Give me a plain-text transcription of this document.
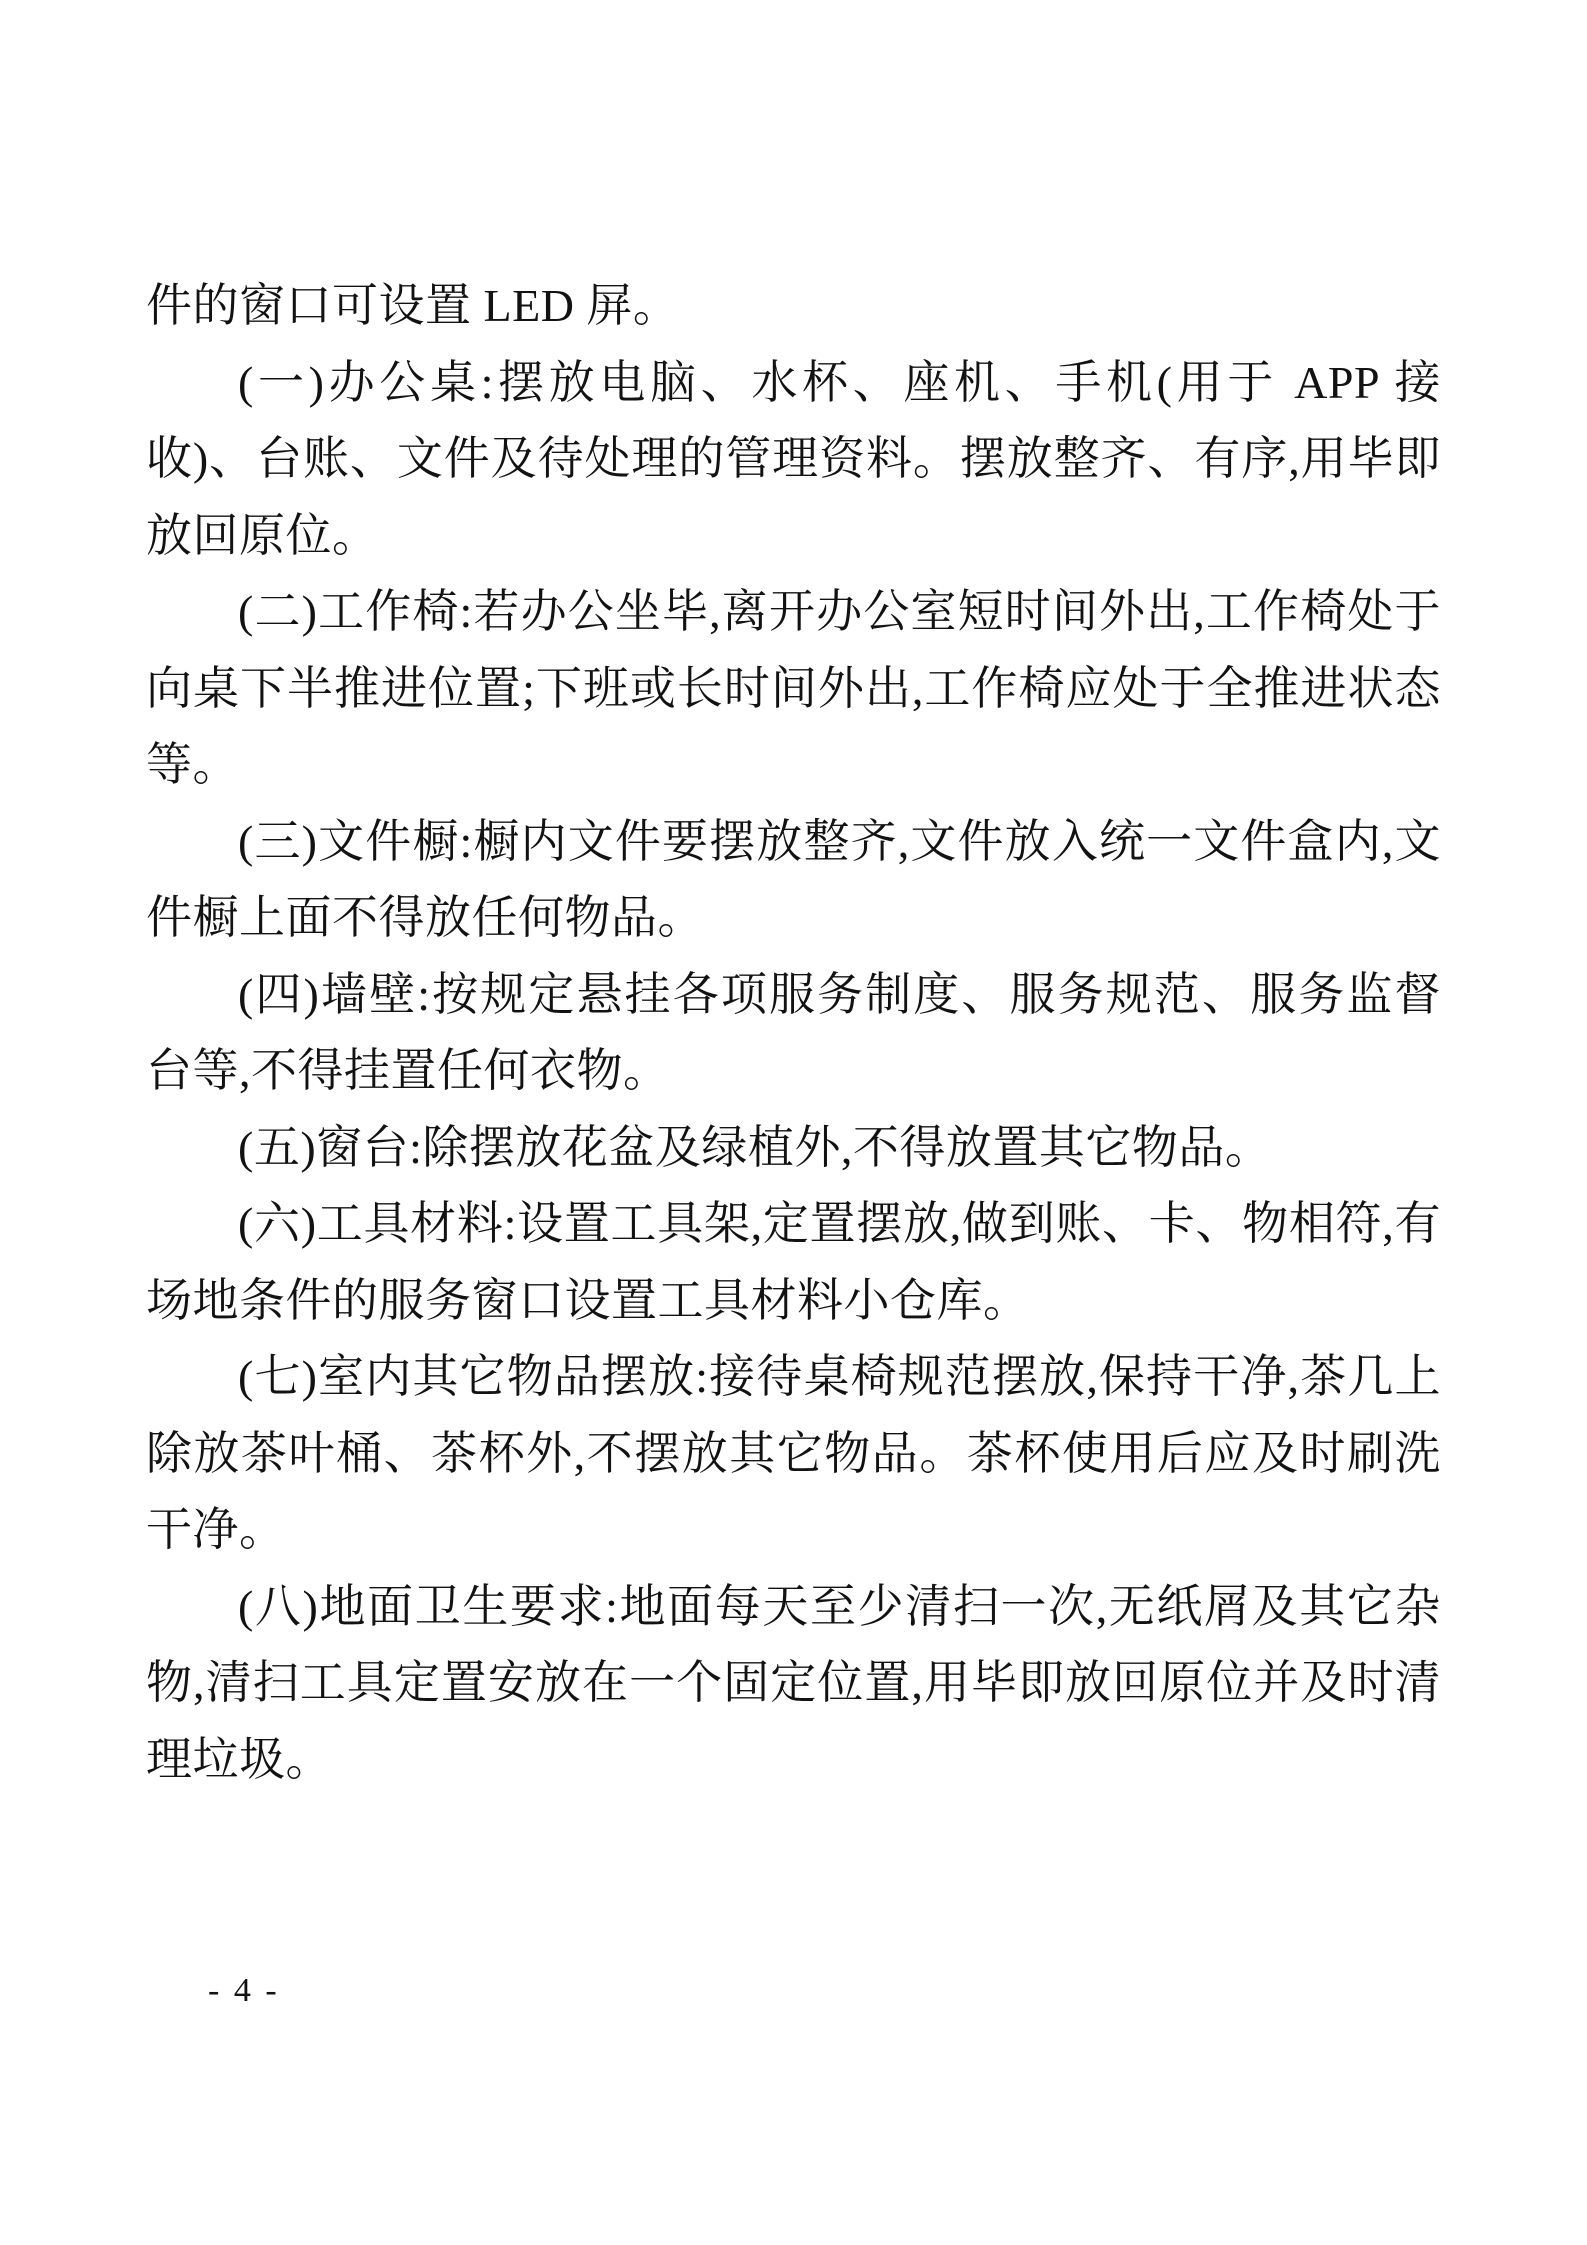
件的窗口可设置 LED 屏。

(一)办公桌:摆放电脑、水杯、座机、手机(用于 APP 接收)、台账、文件及待处理的管理资料。摆放整齐、有序,用毕即放回原位。

(二)工作椅:若办公坐毕,离开办公室短时间外出,工作椅处于向桌下半推进位置;下班或长时间外出,工作椅应处于全推进状态等。

(三)文件橱:橱内文件要摆放整齐,文件放入统一文件盒内,文件橱上面不得放任何物品。

(四)墙壁:按规定悬挂各项服务制度、服务规范、服务监督台等,不得挂置任何衣物。

(五)窗台:除摆放花盆及绿植外,不得放置其它物品。

(六)工具材料:设置工具架,定置摆放,做到账、卡、物相符,有场地条件的服务窗口设置工具材料小仓库。

(七)室内其它物品摆放:接待桌椅规范摆放,保持干净,茶几上除放茶叶桶、茶杯外,不摆放其它物品。茶杯使用后应及时刷洗干净。

(八)地面卫生要求:地面每天至少清扫一次,无纸屑及其它杂物,清扫工具定置安放在一个固定位置,用毕即放回原位并及时清理垃圾。

- 4 -
